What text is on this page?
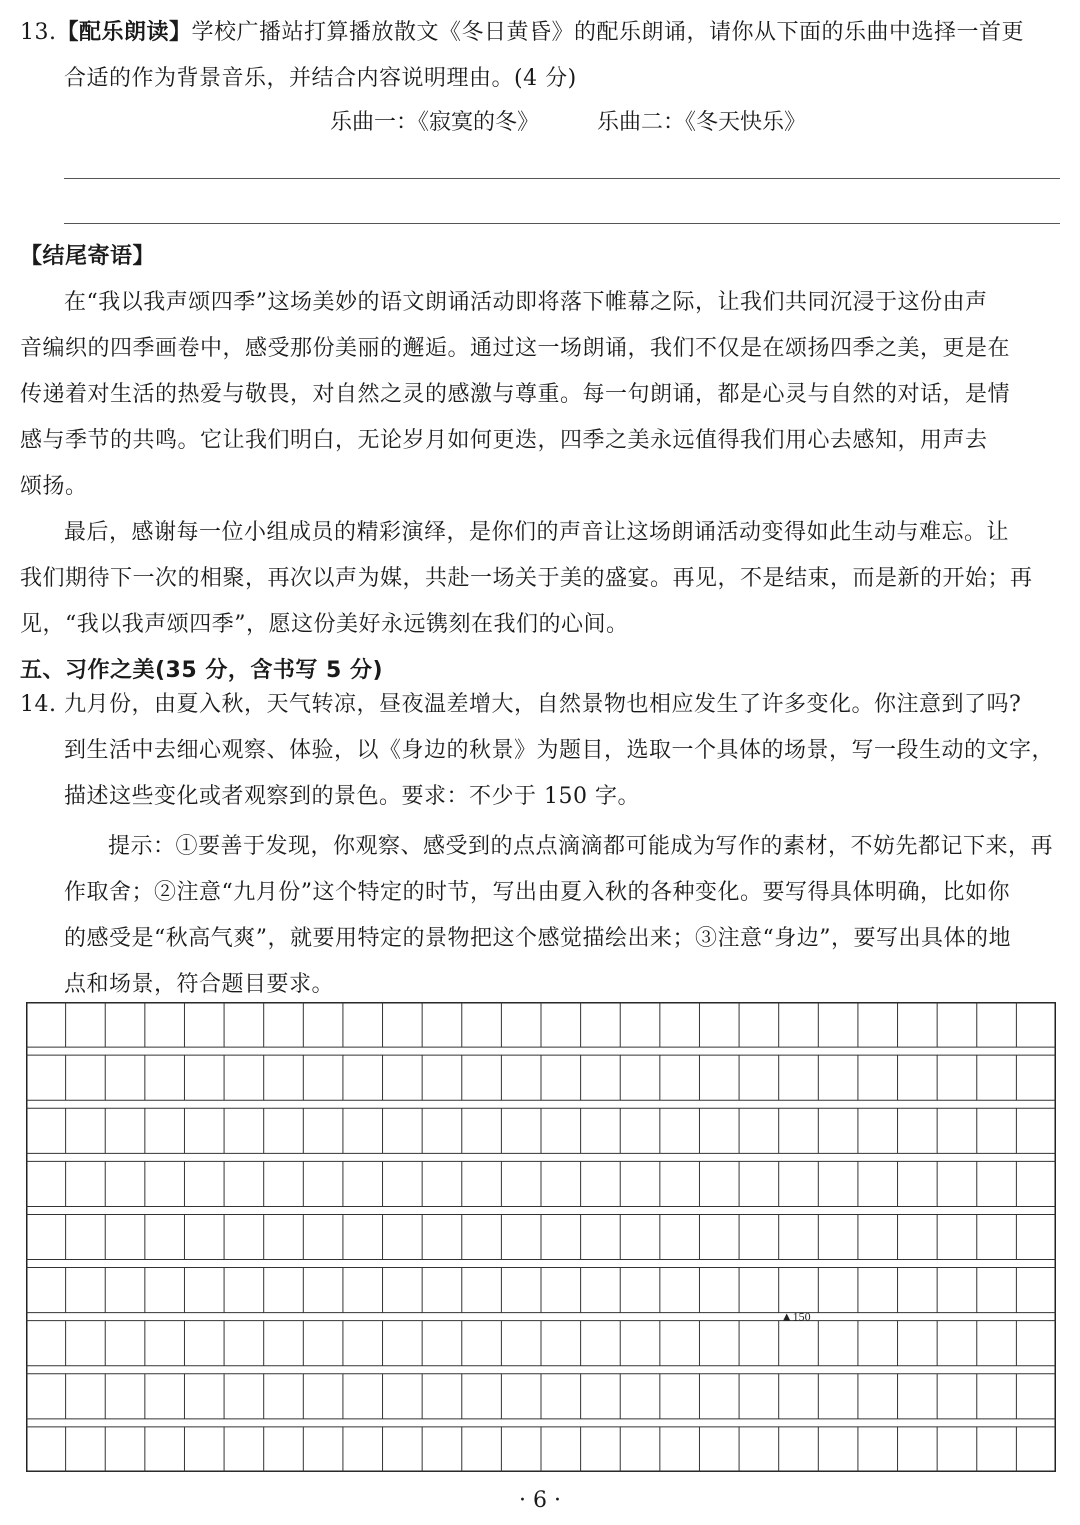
13.【配乐朗读】学校广播站打算播放散文《冬日黄昏》的配乐朗诵，请你从下面的乐曲中选择一首更
合适的作为背景音乐，并结合内容说明理由。(4 分)
乐曲一：《寂寞的冬》	乐曲二：《冬天快乐》
【结尾寄语】
在“我以我声颂四季”这场美妙的语文朗诵活动即将落下帷幕之际，让我们共同沉浸于这份由声
音编织的四季画卷中，感受那份美丽的邂逅。通过这一场朗诵，我们不仅是在颂扬四季之美，更是在
传递着对生活的热爱与敬畏，对自然之灵的感激与尊重。每一句朗诵，都是心灵与自然的对话，是情
感与季节的共鸣。它让我们明白，无论岁月如何更迭，四季之美永远值得我们用心去感知，用声去
颂扬。
最后，感谢每一位小组成员的精彩演绎，是你们的声音让这场朗诵活动变得如此生动与难忘。让
我们期待下一次的相聚，再次以声为媒，共赴一场关于美的盛宴。再见，不是结束，而是新的开始；再
见，“我以我声颂四季”，愿这份美好永远镌刻在我们的心间。
五、习作之美(35 分，含书写 5 分)
14. 九月份，由夏入秋，天气转凉，昼夜温差增大，自然景物也相应发生了许多变化。你注意到了吗?
到生活中去细心观察、体验，以《身边的秋景》为题目，选取一个具体的场景，写一段生动的文字，
描述这些变化或者观察到的景色。要求：不少于 150 字。
提示：①要善于发现，你观察、感受到的点点滴滴都可能成为写作的素材，不妨先都记下来，再
作取舍；②注意“九月份”这个特定的时节，写出由夏入秋的各种变化。要写得具体明确，比如你
的感受是“秋高气爽”，就要用特定的景物把这个感觉描绘出来；③注意“身边”，要写出具体的地
点和场景，符合题目要求。
▲150
· 6 ·
